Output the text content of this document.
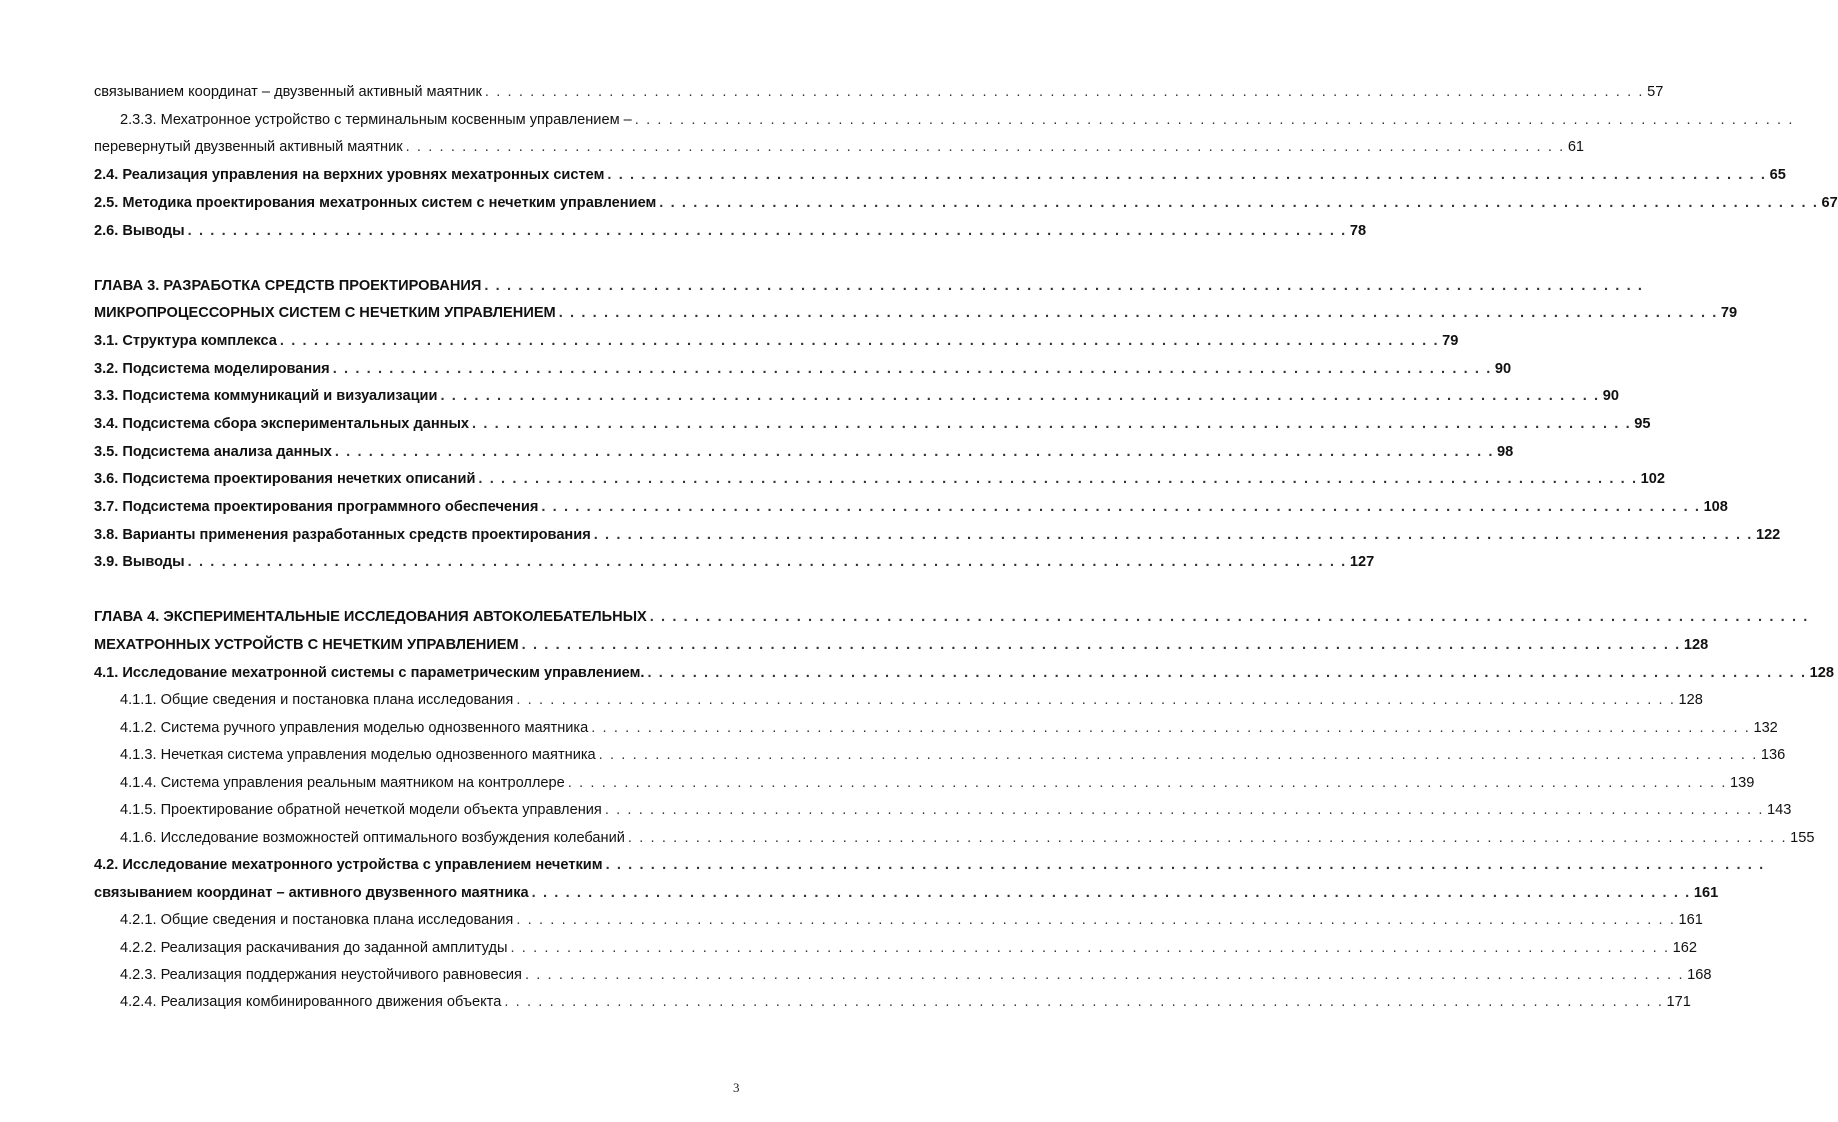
связыванием координат – двузвенный активный маятник . . . . . . . . . . . . . . . . . . . . . . . . . . . . . . . . . . . . . . . . . . . . . . . . . . . . . . . . . . . . . . . . . . . . . . . . . . . . . . . . . . . . . . . . . . . . . . . . . . . . . . . 57
2.3.3. Мехатронное устройство с терминальным косвенным управлением – . . . . . . . . . . . . . . . . . . . . . . . . . . . . . . . . . . . . . . . . . . . . . . . . . . . . . . . . . . . . . . . . . . . . . . . . . . . . . . . . . . . . . . . . . . . . . . . . . . . . . . .
перевернутый двузвенный активный маятник . . . . . . . . . . . . . . . . . . . . . . . . . . . . . . . . . . . . . . . . . . . . . . . . . . . . . . . . . . . . . . . . . . . . . . . . . . . . . . . . . . . . . . . . . . . . . . . . . . . . . . . 61
2.4. Реализация управления на верхних уровнях мехатронных систем . . . . . . . . . . . . . . . . . . . . . . . . . . . . . . . . . . . . . . . . . . . . . . . . . . . . . . . . . . . . . . . . . . . . . . . . . . . . . . . . . . . . . . . . . . . . . . . . . . . . . . . 65
2.5. Методика проектирования мехатронных систем с нечетким управлением . . . . . . . . . . . . . . . . . . . . . . . . . . . . . . . . . . . . . . . . . . . . . . . . . . . . . . . . . . . . . . . . . . . . . . . . . . . . . . . . . . . . . . . . . . . . . . . . . . . . . . . 67
2.6. Выводы . . . . . . . . . . . . . . . . . . . . . . . . . . . . . . . . . . . . . . . . . . . . . . . . . . . . . . . . . . . . . . . . . . . . . . . . . . . . . . . . . . . . . . . . . . . . . . . . . . . . . . . 78
ГЛАВА 3. РАЗРАБОТКА СРЕДСТВ ПРОЕКТИРОВАНИЯ . . . . . . . . . . . . . . . . . . . . . . . . . . . . . . . . . . . . . . . . . . . . . . . . . . . . . . . . . . . . . . . . . . . . . . . . . . . . . . . . . . . . . . . . . . . . . . . . . . . . . . .
МИКРОПРОЦЕССОРНЫХ СИСТЕМ С НЕЧЕТКИМ УПРАВЛЕНИЕМ . . . . . . . . . . . . . . . . . . . . . . . . . . . . . . . . . . . . . . . . . . . . . . . . . . . . . . . . . . . . . . . . . . . . . . . . . . . . . . . . . . . . . . . . . . . . . . . . . . . . . . . 79
3.1. Структура комплекса . . . . . . . . . . . . . . . . . . . . . . . . . . . . . . . . . . . . . . . . . . . . . . . . . . . . . . . . . . . . . . . . . . . . . . . . . . . . . . . . . . . . . . . . . . . . . . . . . . . . . . . 79
3.2. Подсистема моделирования . . . . . . . . . . . . . . . . . . . . . . . . . . . . . . . . . . . . . . . . . . . . . . . . . . . . . . . . . . . . . . . . . . . . . . . . . . . . . . . . . . . . . . . . . . . . . . . . . . . . . . . 90
3.3. Подсистема коммуникаций и визуализации . . . . . . . . . . . . . . . . . . . . . . . . . . . . . . . . . . . . . . . . . . . . . . . . . . . . . . . . . . . . . . . . . . . . . . . . . . . . . . . . . . . . . . . . . . . . . . . . . . . . . . . 90
3.4. Подсистема сбора экспериментальных данных . . . . . . . . . . . . . . . . . . . . . . . . . . . . . . . . . . . . . . . . . . . . . . . . . . . . . . . . . . . . . . . . . . . . . . . . . . . . . . . . . . . . . . . . . . . . . . . . . . . . . . . 95
3.5. Подсистема анализа данных . . . . . . . . . . . . . . . . . . . . . . . . . . . . . . . . . . . . . . . . . . . . . . . . . . . . . . . . . . . . . . . . . . . . . . . . . . . . . . . . . . . . . . . . . . . . . . . . . . . . . . . 98
3.6. Подсистема проектирования нечетких описаний . . . . . . . . . . . . . . . . . . . . . . . . . . . . . . . . . . . . . . . . . . . . . . . . . . . . . . . . . . . . . . . . . . . . . . . . . . . . . . . . . . . . . . . . . . . . . . . . . . . . . . . 102
3.7. Подсистема проектирования программного обеспечения . . . . . . . . . . . . . . . . . . . . . . . . . . . . . . . . . . . . . . . . . . . . . . . . . . . . . . . . . . . . . . . . . . . . . . . . . . . . . . . . . . . . . . . . . . . . . . . . . . . . . . . 108
3.8. Варианты применения разработанных средств проектирования . . . . . . . . . . . . . . . . . . . . . . . . . . . . . . . . . . . . . . . . . . . . . . . . . . . . . . . . . . . . . . . . . . . . . . . . . . . . . . . . . . . . . . . . . . . . . . . . . . . . . . . 122
3.9. Выводы . . . . . . . . . . . . . . . . . . . . . . . . . . . . . . . . . . . . . . . . . . . . . . . . . . . . . . . . . . . . . . . . . . . . . . . . . . . . . . . . . . . . . . . . . . . . . . . . . . . . . . . 127
ГЛАВА 4. ЭКСПЕРИМЕНТАЛЬНЫЕ ИССЛЕДОВАНИЯ АВТОКОЛЕБАТЕЛЬНЫХ . . . . . . . . . . . . . . . . . . . . . . . . . . . . . . . . . . . . . . . . . . . . . . . . . . . . . . . . . . . . . . . . . . . . . . . . . . . . . . . . . . . . . . . . . . . . . . . . . . . . . . .
МЕХАТРОННЫХ УСТРОЙСТВ С НЕЧЕТКИМ УПРАВЛЕНИЕМ . . . . . . . . . . . . . . . . . . . . . . . . . . . . . . . . . . . . . . . . . . . . . . . . . . . . . . . . . . . . . . . . . . . . . . . . . . . . . . . . . . . . . . . . . . . . . . . . . . . . . . . 128
4.1. Исследование мехатронной системы с параметрическим управлением. . . . . . . . . . . . . . . . . . . . . . . . . . . . . . . . . . . . . . . . . . . . . . . . . . . . . . . . . . . . . . . . . . . . . . . . . . . . . . . . . . . . . . . . . . . . . . . . . . . . . . . . 128
4.1.1. Общие сведения и постановка плана исследования . . . . . . . . . . . . . . . . . . . . . . . . . . . . . . . . . . . . . . . . . . . . . . . . . . . . . . . . . . . . . . . . . . . . . . . . . . . . . . . . . . . . . . . . . . . . . . . . . . . . . . . 128
4.1.2. Система ручного управления моделью однозвенного маятника . . . . . . . . . . . . . . . . . . . . . . . . . . . . . . . . . . . . . . . . . . . . . . . . . . . . . . . . . . . . . . . . . . . . . . . . . . . . . . . . . . . . . . . . . . . . . . . . . . . . . . . 132
4.1.3. Нечеткая система управления моделью однозвенного маятника . . . . . . . . . . . . . . . . . . . . . . . . . . . . . . . . . . . . . . . . . . . . . . . . . . . . . . . . . . . . . . . . . . . . . . . . . . . . . . . . . . . . . . . . . . . . . . . . . . . . . . . 136
4.1.4. Система управления реальным маятником на контроллере . . . . . . . . . . . . . . . . . . . . . . . . . . . . . . . . . . . . . . . . . . . . . . . . . . . . . . . . . . . . . . . . . . . . . . . . . . . . . . . . . . . . . . . . . . . . . . . . . . . . . . . 139
4.1.5. Проектирование обратной нечеткой модели объекта управления . . . . . . . . . . . . . . . . . . . . . . . . . . . . . . . . . . . . . . . . . . . . . . . . . . . . . . . . . . . . . . . . . . . . . . . . . . . . . . . . . . . . . . . . . . . . . . . . . . . . . . . 143
4.1.6. Исследование возможностей оптимального возбуждения колебаний . . . . . . . . . . . . . . . . . . . . . . . . . . . . . . . . . . . . . . . . . . . . . . . . . . . . . . . . . . . . . . . . . . . . . . . . . . . . . . . . . . . . . . . . . . . . . . . . . . . . . . . 155
4.2. Исследование мехатронного устройства с управлением нечетким . . . . . . . . . . . . . . . . . . . . . . . . . . . . . . . . . . . . . . . . . . . . . . . . . . . . . . . . . . . . . . . . . . . . . . . . . . . . . . . . . . . . . . . . . . . . . . . . . . . . . . .
связыванием координат – активного двузвенного маятника . . . . . . . . . . . . . . . . . . . . . . . . . . . . . . . . . . . . . . . . . . . . . . . . . . . . . . . . . . . . . . . . . . . . . . . . . . . . . . . . . . . . . . . . . . . . . . . . . . . . . . . 161
4.2.1. Общие сведения и постановка плана исследования . . . . . . . . . . . . . . . . . . . . . . . . . . . . . . . . . . . . . . . . . . . . . . . . . . . . . . . . . . . . . . . . . . . . . . . . . . . . . . . . . . . . . . . . . . . . . . . . . . . . . . . 161
4.2.2. Реализация раскачивания до заданной амплитуды . . . . . . . . . . . . . . . . . . . . . . . . . . . . . . . . . . . . . . . . . . . . . . . . . . . . . . . . . . . . . . . . . . . . . . . . . . . . . . . . . . . . . . . . . . . . . . . . . . . . . . . 162
4.2.3. Реализация поддержания неустойчивого равновесия . . . . . . . . . . . . . . . . . . . . . . . . . . . . . . . . . . . . . . . . . . . . . . . . . . . . . . . . . . . . . . . . . . . . . . . . . . . . . . . . . . . . . . . . . . . . . . . . . . . . . . . 168
4.2.4. Реализация комбинированного движения объекта . . . . . . . . . . . . . . . . . . . . . . . . . . . . . . . . . . . . . . . . . . . . . . . . . . . . . . . . . . . . . . . . . . . . . . . . . . . . . . . . . . . . . . . . . . . . . . . . . . . . . . . 171
3
